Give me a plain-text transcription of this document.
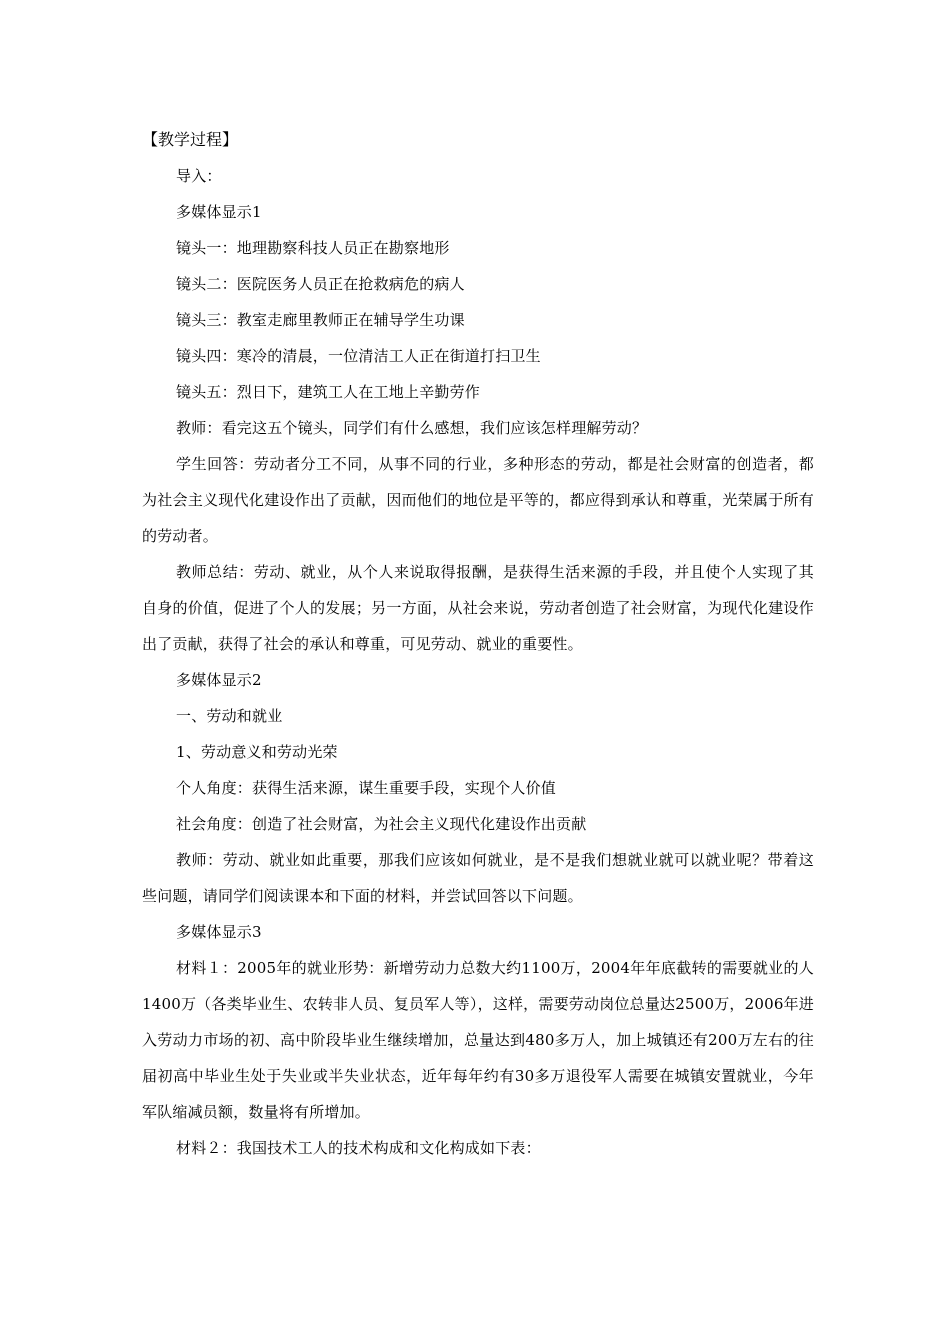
【教学过程】

导入：

多媒体显示1

镜头一：地理勘察科技人员正在勘察地形

镜头二：医院医务人员正在抢救病危的病人

镜头三：教室走廊里教师正在辅导学生功课

镜头四：寒冷的清晨，一位清洁工人正在街道打扫卫生

镜头五：烈日下，建筑工人在工地上辛勤劳作

教师：看完这五个镜头，同学们有什么感想，我们应该怎样理解劳动？

学生回答：劳动者分工不同，从事不同的行业，多种形态的劳动，都是社会财富的创造者，都为社会主义现代化建设作出了贡献，因而他们的地位是平等的，都应得到承认和尊重，光荣属于所有的劳动者。

教师总结：劳动、就业，从个人来说取得报酬，是获得生活来源的手段，并且使个人实现了其自身的价值，促进了个人的发展；另一方面，从社会来说，劳动者创造了社会财富，为现代化建设作出了贡献，获得了社会的承认和尊重，可见劳动、就业的重要性。

多媒体显示2

一、劳动和就业

1、劳动意义和劳动光荣

个人角度：获得生活来源，谋生重要手段，实现个人价值

社会角度：创造了社会财富，为社会主义现代化建设作出贡献

教师：劳动、就业如此重要，那我们应该如何就业，是不是我们想就业就可以就业呢？带着这些问题，请同学们阅读课本和下面的材料，并尝试回答以下问题。

多媒体显示3

材料１：2005年的就业形势：新增劳动力总数大约1100万，2004年年底截转的需要就业的人1400万（各类毕业生、农转非人员、复员军人等），这样，需要劳动岗位总量达2500万，2006年进入劳动力市场的初、高中阶段毕业生继续增加，总量达到480多万人，加上城镇还有200万左右的往届初高中毕业生处于失业或半失业状态，近年每年约有30多万退役军人需要在城镇安置就业，今年军队缩减员额，数量将有所增加。

材料２：我国技术工人的技术构成和文化构成如下表：
